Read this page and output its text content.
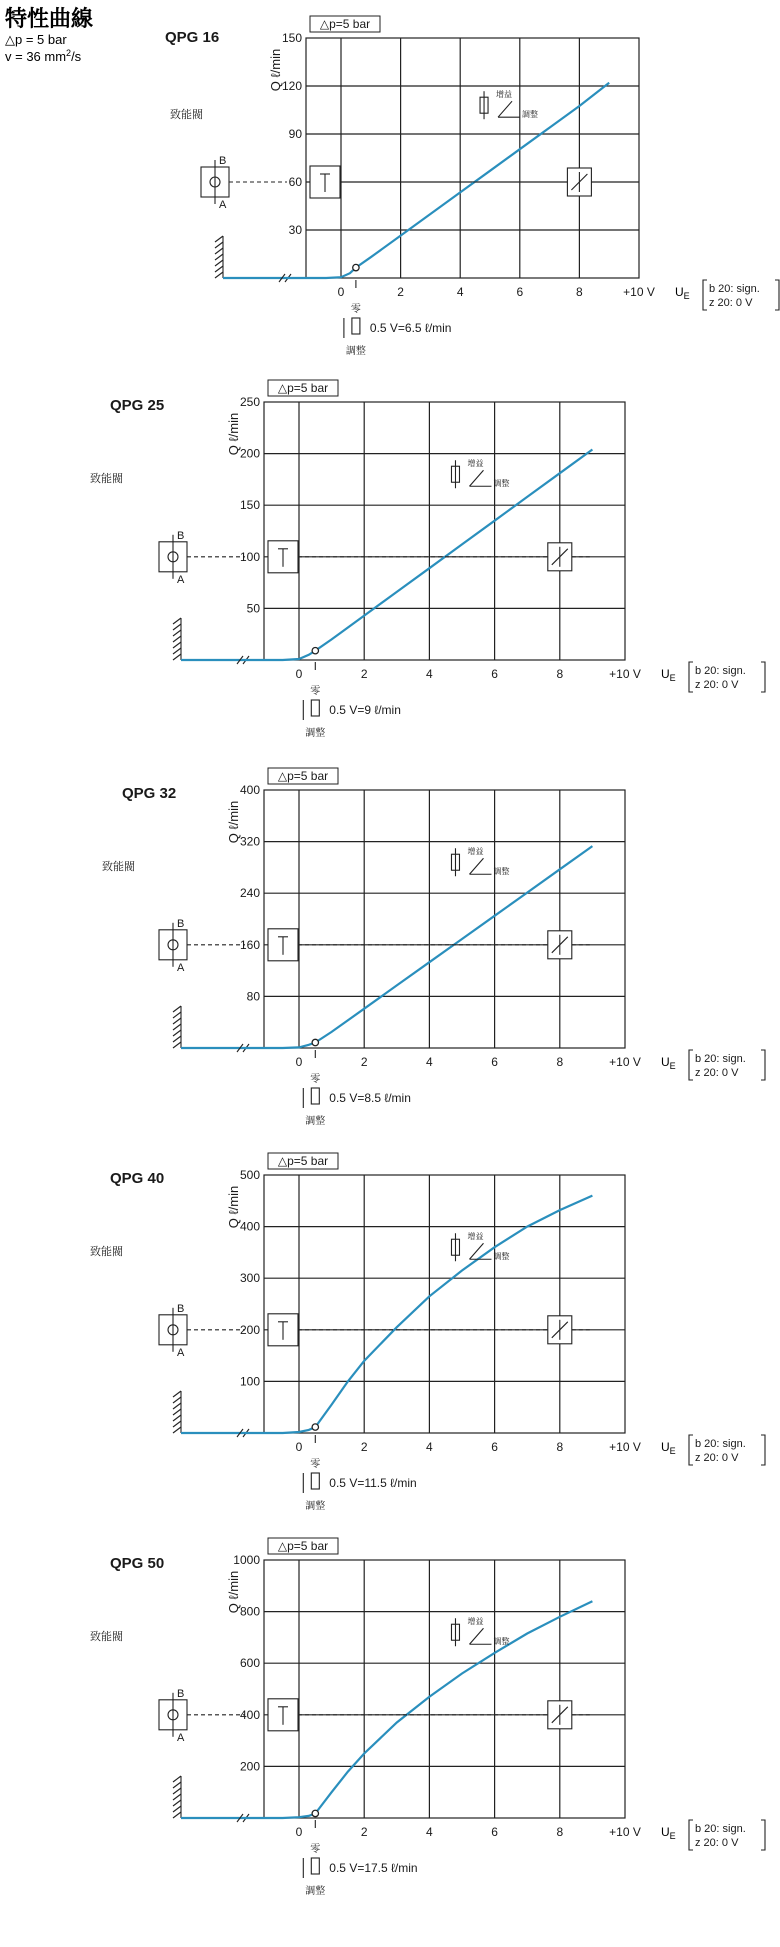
特性曲線
△p = 5 bar
v = 36 $mm^2/s$
△p=5 bar
30
90
120
150
Q ℓ/min
QPG 16
致能閥
0	2	4	6	8	+10 V $U_E$
b 20: sign.
z 20: 0 V
B
A
60
增益
調整
零
0.5 V=6.5 ℓ/min
調整
△p=5 bar
50
150
200
250
Q ℓ/min
QPG 25
致能閥
0	2	4	6	8	+10 V $U_E$
b 20: sign.
z 20: 0 V
B
A
100
增益
調整
零
0.5 V=9 ℓ/min
調整
△p=5 bar
80
240
320
400
Q ℓ/min
QPG 32
致能閥
0	2	4	6	8	+10 V $U_E$
b 20: sign.
z 20: 0 V
B
A
160
增益
調整
零
0.5 V=8.5 ℓ/min
調整
△p=5 bar
100
300
400
500
Q ℓ/min
QPG 40
致能閥
0	2	4	6	8	+10 V $U_E$
b 20: sign.
z 20: 0 V
B
A
200
增益
調整
零
0.5 V=11.5 ℓ/min
調整
△p=5 bar
200
600
800
1000
Q ℓ/min
QPG 50
致能閥
0	2	4	6	8	+10 V $U_E$
b 20: sign.
z 20: 0 V
B
A
400
增益
調整
零
0.5 V=17.5 ℓ/min
調整
